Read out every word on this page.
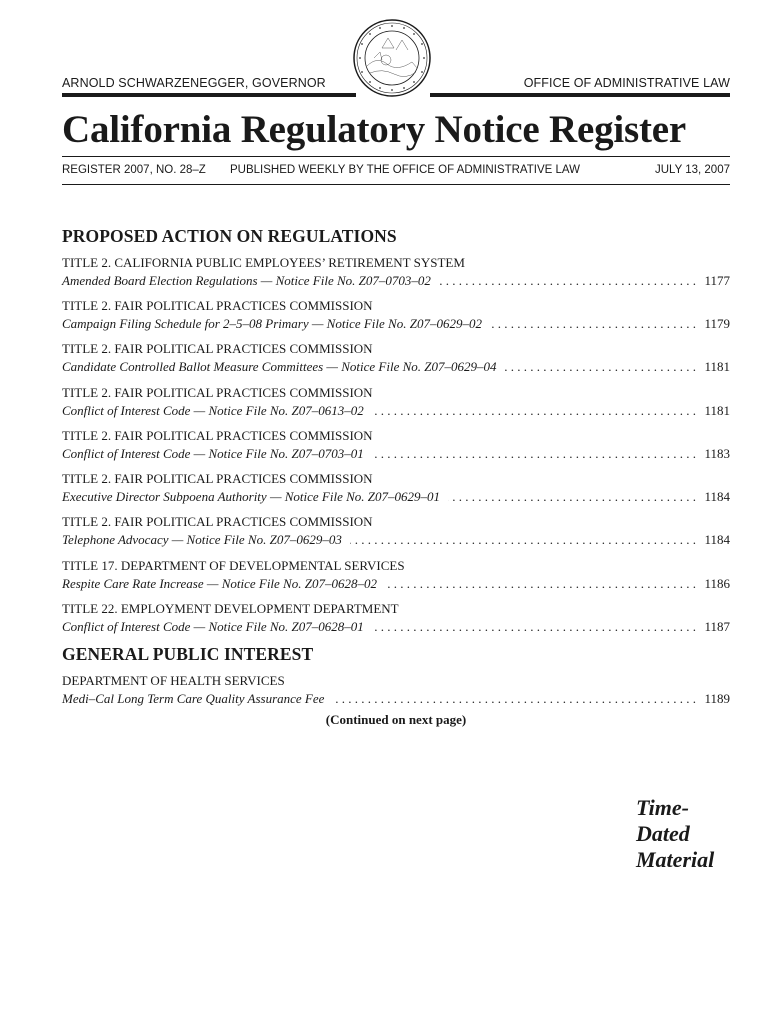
ARNOLD SCHWARZENEGGER, GOVERNOR	OFFICE OF ADMINISTRATIVE LAW
California Regulatory Notice Register
REGISTER 2007, NO. 28–Z PUBLISHED WEEKLY BY THE OFFICE OF ADMINISTRATIVE LAW	JULY 13, 2007
PROPOSED ACTION ON REGULATIONS
TITLE 2. CALIFORNIA PUBLIC EMPLOYEES’ RETIREMENT SYSTEM
Amended Board Election Regulations — Notice File No. Z07–0703–02 . . .	1177
TITLE 2. FAIR POLITICAL PRACTICES COMMISSION
Campaign Filing Schedule for 2–5–08 Primary — Notice File No. Z07–0629–02 . . .	1179
TITLE 2. FAIR POLITICAL PRACTICES COMMISSION
Candidate Controlled Ballot Measure Committees — Notice File No. Z07–0629–04 . . .	1181
TITLE 2. FAIR POLITICAL PRACTICES COMMISSION
Conflict of Interest Code — Notice File No. Z07–0613–02 . . .	1181
TITLE 2. FAIR POLITICAL PRACTICES COMMISSION
Conflict of Interest Code — Notice File No. Z07–0703–01 . . .	1183
TITLE 2. FAIR POLITICAL PRACTICES COMMISSION
Executive Director Subpoena Authority — Notice File No. Z07–0629–01 . . .	1184
TITLE 2. FAIR POLITICAL PRACTICES COMMISSION
Telephone Advocacy — Notice File No. Z07–0629–03 . . .	1184
TITLE 17. DEPARTMENT OF DEVELOPMENTAL SERVICES
Respite Care Rate Increase — Notice File No. Z07–0628–02 . . .	1186
TITLE 22. EMPLOYMENT DEVELOPMENT DEPARTMENT
Conflict of Interest Code — Notice File No. Z07–0628–01 . . .	1187
GENERAL PUBLIC INTEREST
DEPARTMENT OF HEALTH SERVICES
Medi–Cal Long Term Care Quality Assurance Fee . . .	1189
(Continued on next page)
Time-
Dated
Material
